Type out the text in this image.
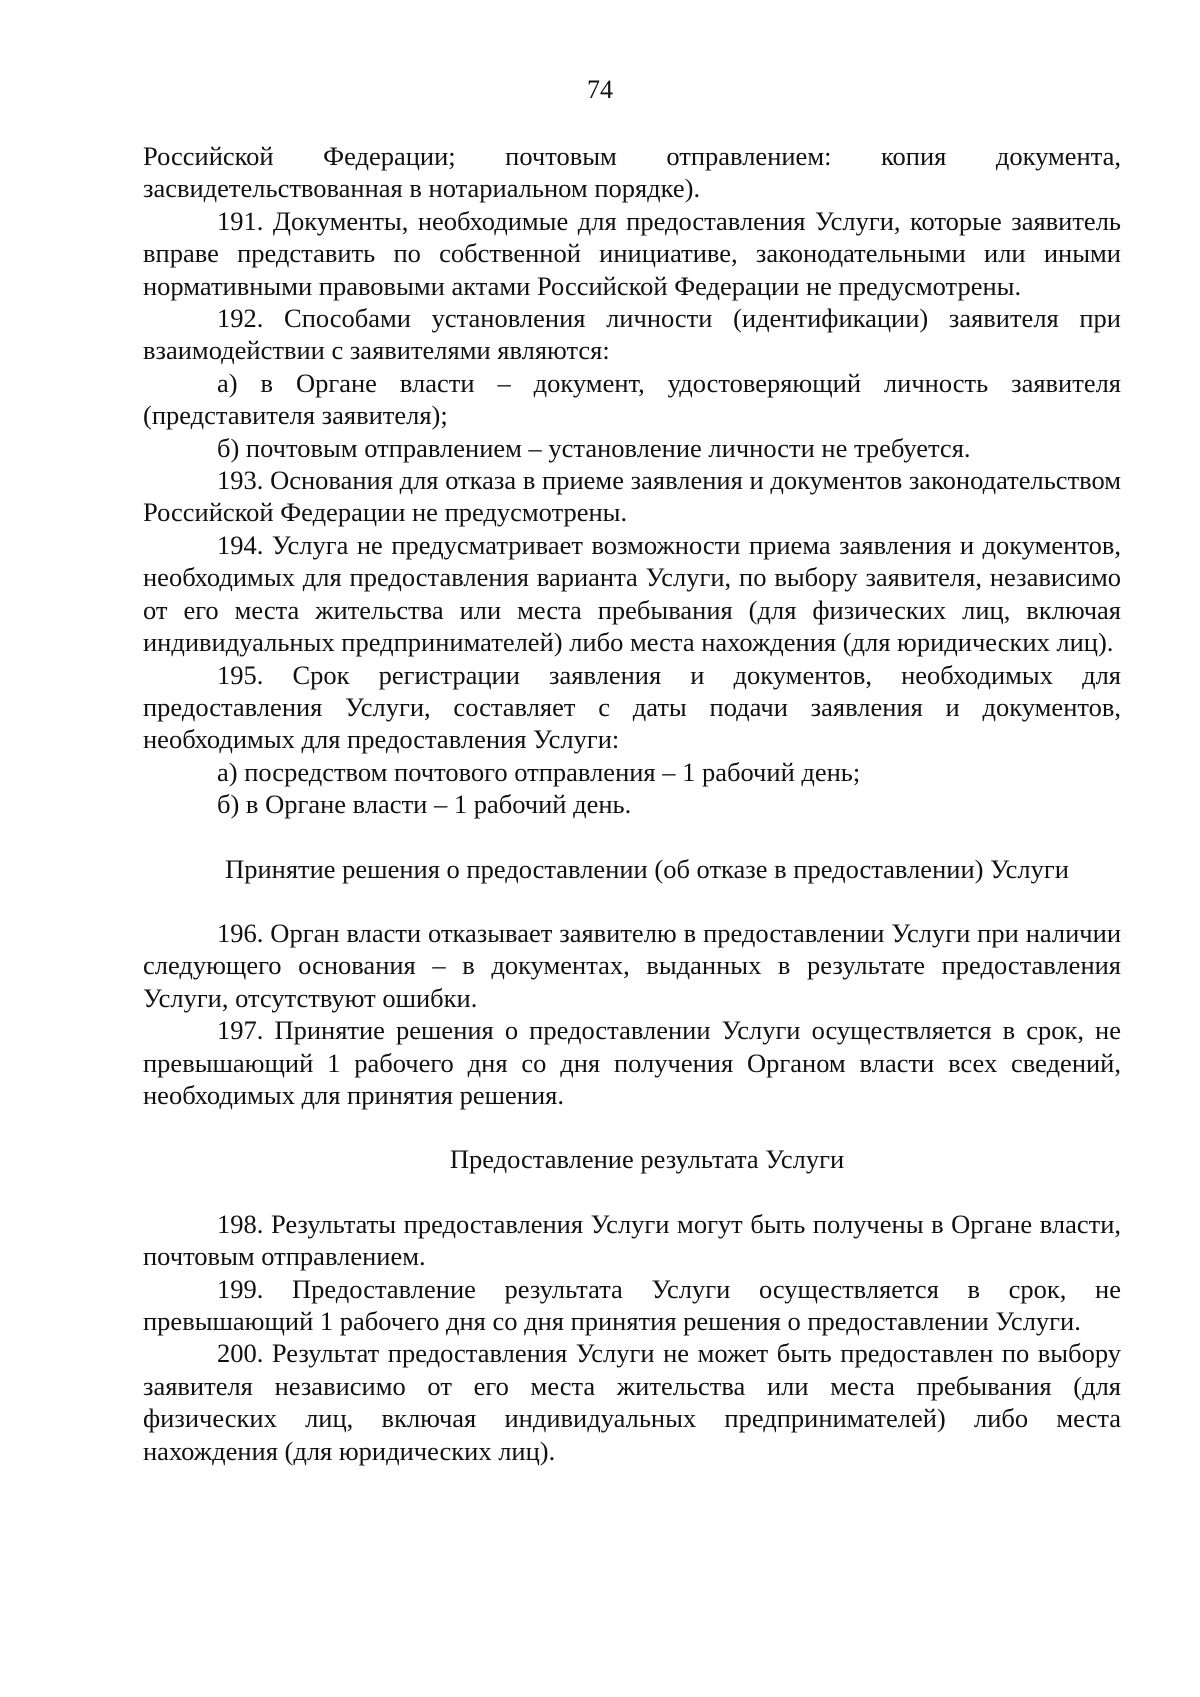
74

Российской Федерации; почтовым отправлением: копия документа, засвидетельствованная в нотариальном порядке).

191. Документы, необходимые для предоставления Услуги, которые заявитель вправе представить по собственной инициативе, законодательными или иными нормативными правовыми актами Российской Федерации не предусмотрены.

192. Способами установления личности (идентификации) заявителя при взаимодействии с заявителями являются:

а) в Органе власти – документ, удостоверяющий личность заявителя (представителя заявителя);

б) почтовым отправлением – установление личности не требуется.

193. Основания для отказа в приеме заявления и документов законодательством Российской Федерации не предусмотрены.

194. Услуга не предусматривает возможности приема заявления и документов, необходимых для предоставления варианта Услуги, по выбору заявителя, независимо от его места жительства или места пребывания (для физических лиц, включая индивидуальных предпринимателей) либо места нахождения (для юридических лиц).

195. Срок регистрации заявления и документов, необходимых для предоставления Услуги, составляет с даты подачи заявления и документов, необходимых для предоставления Услуги:

а) посредством почтового отправления – 1 рабочий день;

б) в Органе власти – 1 рабочий день.

Принятие решения о предоставлении (об отказе в предоставлении) Услуги

196. Орган власти отказывает заявителю в предоставлении Услуги при наличии следующего основания – в документах, выданных в результате предоставления Услуги, отсутствуют ошибки.

197. Принятие решения о предоставлении Услуги осуществляется в срок, не превышающий 1 рабочего дня со дня получения Органом власти всех сведений, необходимых для принятия решения.

Предоставление результата Услуги

198. Результаты предоставления Услуги могут быть получены в Органе власти, почтовым отправлением.

199. Предоставление результата Услуги осуществляется в срок, не превышающий 1 рабочего дня со дня принятия решения о предоставлении Услуги.

200. Результат предоставления Услуги не может быть предоставлен по выбору заявителя независимо от его места жительства или места пребывания (для физических лиц, включая индивидуальных предпринимателей) либо места нахождения (для юридических лиц).
